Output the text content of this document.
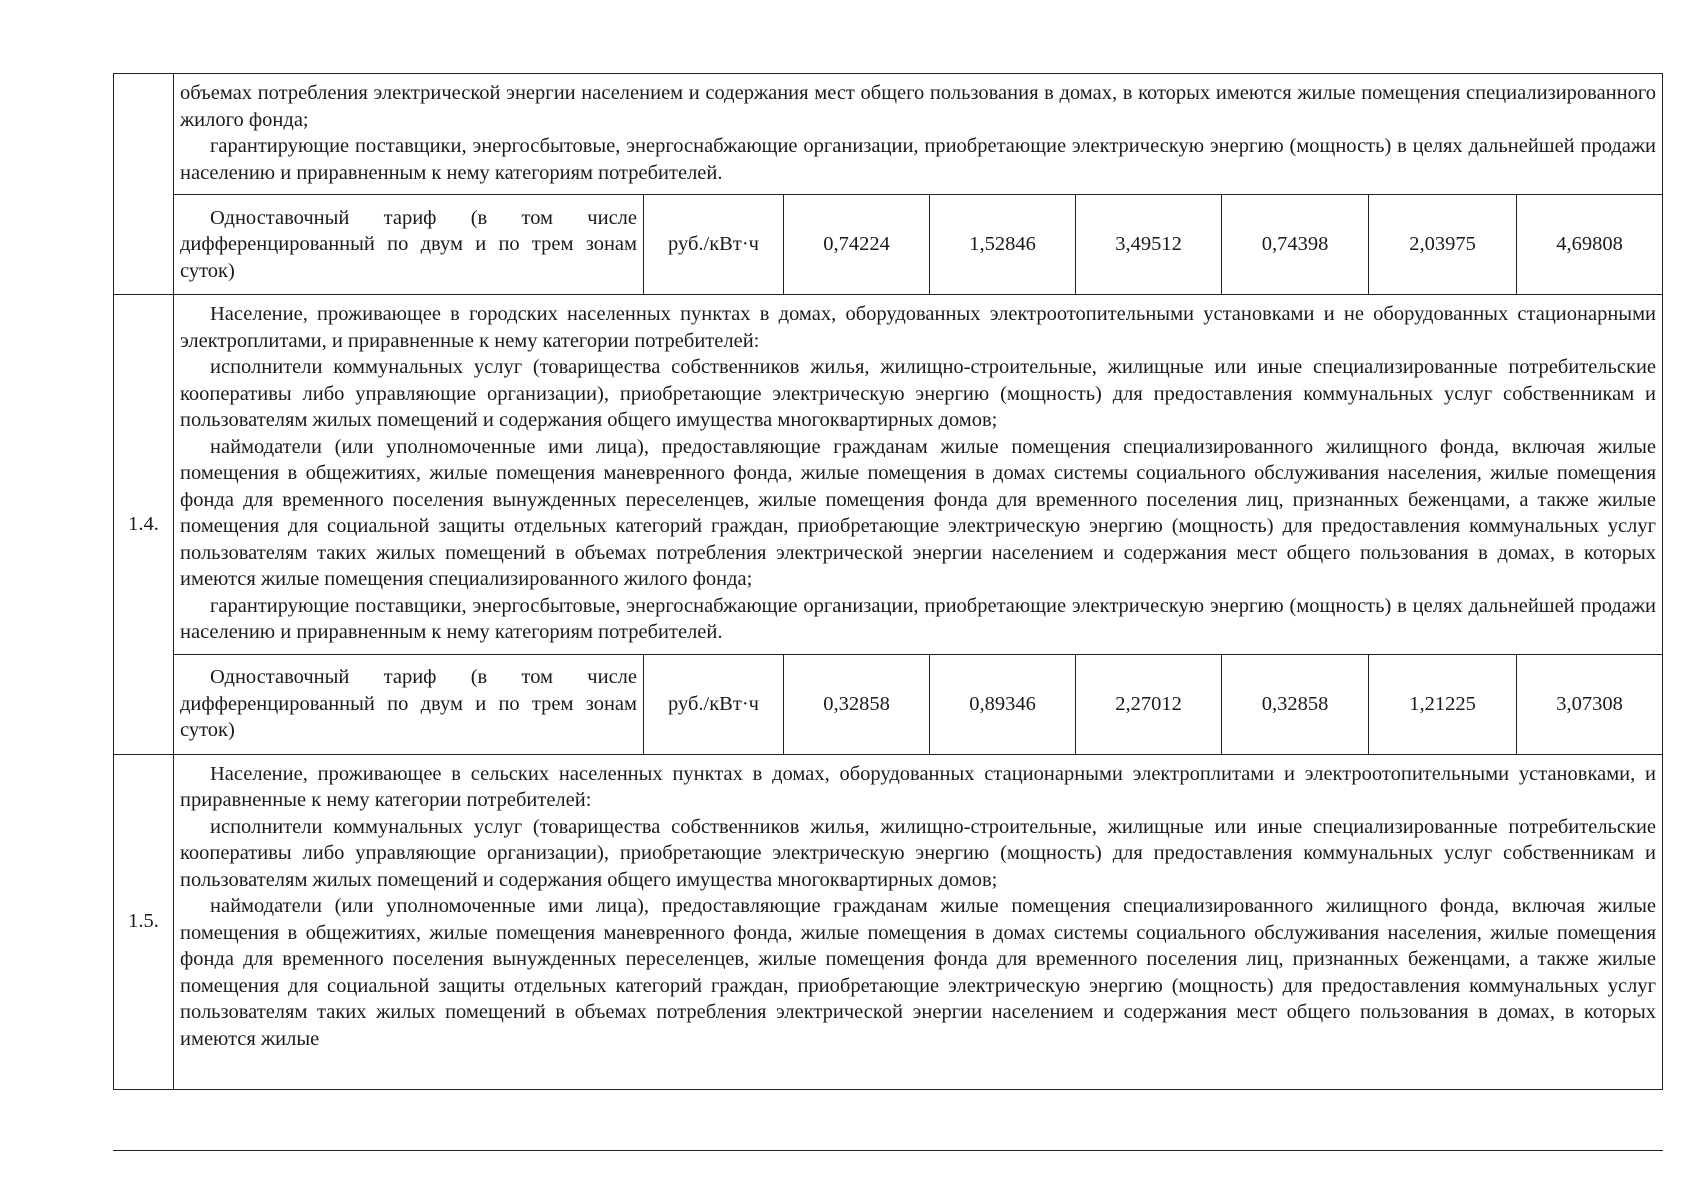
	объемах потребления электрической энергии населением и содержания мест общего пользования в домах, в которых имеются жилые помещения специализированного жилого фонда;

гарантирующие поставщики, энергосбытовые, энергоснабжающие организации, приобретающие электрическую энергию (мощность) в целях дальнейшей продажи населению и приравненным к нему категориям потребителей.							

	Одноставочный тариф (в том числе дифференцированный по двум и по трем зонам суток)	руб./кВт·ч	0,74224	1,52846	3,49512	0,74398	2,03975	4,69808
1.4.	Население, проживающее в городских населенных пунктах в домах, оборудованных электроотопительными установками и не оборудованных стационарными электроплитами, и приравненные к нему категории потребителей:

исполнители коммунальных услуг (товарищества собственников жилья, жилищно-строительные, жилищные или иные специализированные потребительские кооперативы либо управляющие организации), приобретающие электрическую энергию (мощность) для предоставления коммунальных услуг собственникам и пользователям жилых помещений и содержания общего имущества многоквартирных домов;

наймодатели (или уполномоченные ими лица), предоставляющие гражданам жилые помещения специализированного жилищного фонда, включая жилые помещения в общежитиях, жилые помещения маневренного фонда, жилые помещения в домах системы социального обслуживания населения, жилые помещения фонда для временного поселения вынужденных переселенцев, жилые помещения фонда для временного поселения лиц, признанных беженцами, а также жилые помещения для социальной защиты отдельных категорий граждан, приобретающие электрическую энергию (мощность) для предоставления коммунальных услуг пользователям таких жилых помещений в объемах потребления электрической энергии населением и содержания мест общего пользования в домах, в которых имеются жилые помещения специализированного жилого фонда;

гарантирующие поставщики, энергосбытовые, энергоснабжающие организации, приобретающие электрическую энергию (мощность) в целях дальнейшей продажи населению и приравненным к нему категориям потребителей.							

	Одноставочный тариф (в том числе дифференцированный по двум и по трем зонам суток)	руб./кВт·ч	0,32858	0,89346	2,27012	0,32858	1,21225	3,07308
1.5.	Население, проживающее в сельских населенных пунктах в домах, оборудованных стационарными электроплитами и электроотопительными установками, и приравненные к нему категории потребителей:

исполнители коммунальных услуг (товарищества собственников жилья, жилищно-строительные, жилищные или иные специализированные потребительские кооперативы либо управляющие организации), приобретающие электрическую энергию (мощность) для предоставления коммунальных услуг собственникам и пользователям жилых помещений и содержания общего имущества многоквартирных домов;

наймодатели (или уполномоченные ими лица), предоставляющие гражданам жилые помещения специализированного жилищного фонда, включая жилые помещения в общежитиях, жилые помещения маневренного фонда, жилые помещения в домах системы социального обслуживания населения, жилые помещения фонда для временного поселения вынужденных переселенцев, жилые помещения фонда для временного поселения лиц, признанных беженцами, а также жилые помещения для социальной защиты отдельных категорий граждан, приобретающие электрическую энергию (мощность) для предоставления коммунальных услуг пользователям таких жилых помещений в объемах потребления электрической энергии населением и содержания мест общего пользования в домах, в которых имеются жилые							
